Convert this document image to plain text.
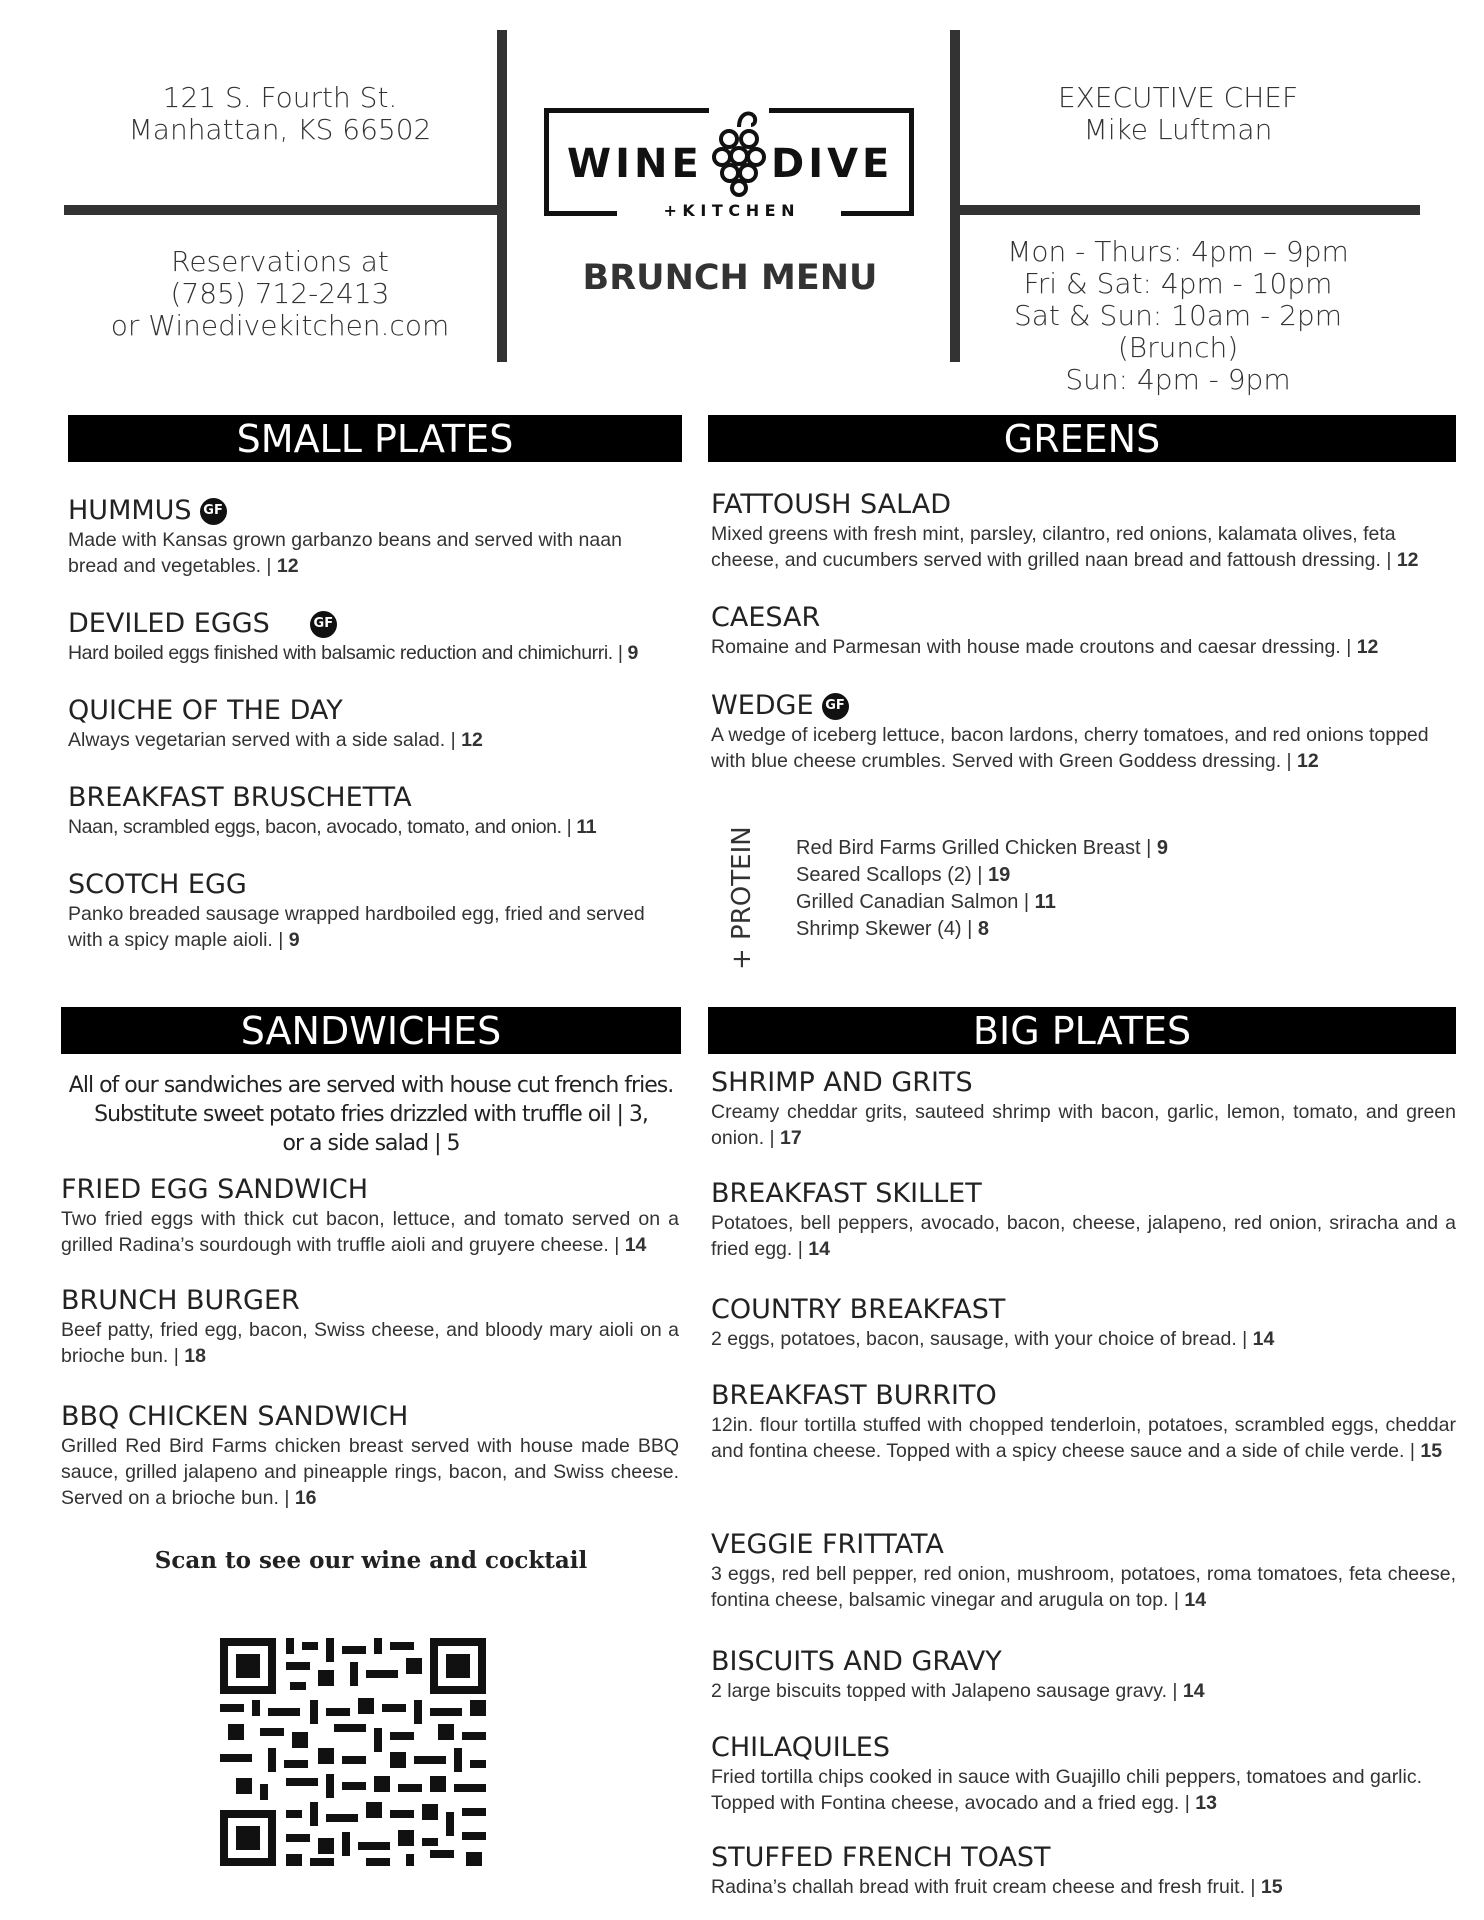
121 S. Fourth St.
Manhattan, KS 66502
Reservations at
(785) 712-2413
or Winedivekitchen.com
WINE DIVE
+ K I T C H E N
BRUNCH MENU
EXECUTIVE CHEF
Mike Luftman
Mon - Thurs: 4pm – 9pm
Fri & Sat: 4pm - 10pm
Sat & Sun: 10am - 2pm (Brunch)
Sun: 4pm - 9pm
SMALL PLATES
HUMMUS GF
Made with Kansas grown garbanzo beans and served with naan bread and vegetables. | 12
DEVILED EGGS	GF
Hard boiled eggs finished with balsamic reduction and chimichurri. | 9
QUICHE OF THE DAY
Always vegetarian served with a side salad. | 12
BREAKFAST BRUSCHETTA
Naan, scrambled eggs, bacon, avocado, tomato, and onion. | 11
SCOTCH EGG
Panko breaded sausage wrapped hardboiled egg, fried and served with a spicy maple aioli. | 9
GREENS
FATTOUSH SALAD
Mixed greens with fresh mint, parsley, cilantro, red onions, kalamata olives, feta cheese, and cucumbers served with grilled naan bread and fattoush dressing. | 12
CAESAR
Romaine and Parmesan with house made croutons and caesar dressing. | 12
WEDGE GF
A wedge of iceberg lettuce, bacon lardons, cherry tomatoes, and red onions topped with blue cheese crumbles. Served with Green Goddess dressing. | 12
+ PROTEIN Red Bird Farms Grilled Chicken Breast | 9
Seared Scallops (2) | 19
Grilled Canadian Salmon | 11
Shrimp Skewer (4) | 8
SANDWICHES
All of our sandwiches are served with house cut french fries.
Substitute sweet potato fries drizzled with truffle oil | 3,
or a side salad | 5
FRIED EGG SANDWICH
Two fried eggs with thick cut bacon, lettuce, and tomato served on a grilled Radina’s sourdough with truffle aioli and gruyere cheese. | 14
BRUNCH BURGER
Beef patty, fried egg, bacon, Swiss cheese, and bloody mary aioli on a brioche bun. | 18
BBQ CHICKEN SANDWICH
Grilled Red Bird Farms chicken breast served with house made BBQ sauce, grilled jalapeno and pineapple rings, bacon, and Swiss cheese. Served on a brioche bun. | 16
Scan to see our wine and cocktail
BIG PLATES
SHRIMP AND GRITS
Creamy cheddar grits, sauteed shrimp with bacon, garlic, lemon, tomato, and green onion. | 17
BREAKFAST SKILLET
Potatoes, bell peppers, avocado, bacon, cheese, jalapeno, red onion, sriracha and a fried egg. | 14
COUNTRY BREAKFAST
2 eggs, potatoes, bacon, sausage, with your choice of bread. | 14
BREAKFAST BURRITO
12in. flour tortilla stuffed with chopped tenderloin, potatoes, scrambled eggs, cheddar and fontina cheese. Topped with a spicy cheese sauce and a side of chile verde. | 15
VEGGIE FRITTATA
3 eggs, red bell pepper, red onion, mushroom, potatoes, roma tomatoes, feta cheese, fontina cheese, balsamic vinegar and arugula on top. | 14
BISCUITS AND GRAVY
2 large biscuits topped with Jalapeno sausage gravy. | 14
CHILAQUILES
Fried tortilla chips cooked in sauce with Guajillo chili peppers, tomatoes and garlic. Topped with Fontina cheese, avocado and a fried egg. | 13
STUFFED FRENCH TOAST
Radina’s challah bread with fruit cream cheese and fresh fruit. | 15
